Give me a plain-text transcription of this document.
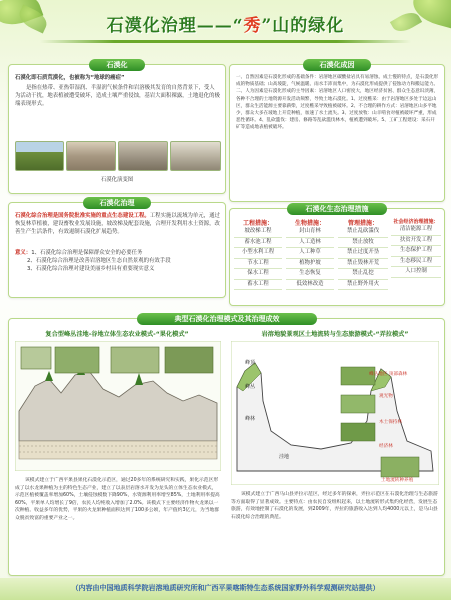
石漠化治理——“秀”山的绿化
石漠化
石漠化即石质荒漠化，也被称为“地球的癌症”
是指在热带、亚热带湿润、半湿润气候条件和岩溶极其发育的自然背景下，受人为活动干扰，地表植被遭受破坏，造成土壤严重侵蚀，基岩大面积裸露，土地退化的极端表现形式。
石漠化演变图
石漠化成因
一、自然因素是石漠化形成的基础条件：岩溶地区碳酸盐岩具有易溶蚀、成土慢的特点，是石漠化形成的物质基础；山高坡陡，气候温暖、雨水丰沛而集中，为石漠化形成提供了侵蚀动力和搬运能力。二、人为因素是石漠化形成的主导因素：岩溶地区人口密度大，地区经济贫困、群众生态意识淡薄，各种不合理的土地资源开发活动频繁，导致土地石漠化。1、过度樵采：由于岩溶地区多处于边远山区，群众生活能源主要靠薪柴，过度樵采导致植被破坏。2、不合理的耕作方式：岩溶地区山多平地少，群众大多在坡地上开荒种植，加速了水土流失。3、过度放牧：山羊啃食对植被破坏严重，形成恶性循环。4、乱砍滥伐：建房、修路等乱砍滥伐林木，植被遭到破坏。5、工矿工程建设：采石开矿等造成地表植被破坏。
石漠化治理
石漠化综合治理是国务院批准实施的重点生态建设工程。工程实施以流域为单元，通过恢复林草植被，建设畜牧业发展设施，坡改梯及配套设施，合理开发利用水土资源，改善生产生活条件，有效遏制石漠化扩展趋势。
意义：1、石漠化综合治理是保障群众安全的必要任务
2、石漠化综合治理是改善岩溶地区生态自然景观的有效手段
3、石漠化综合治理对建设美丽乡村具有重要现实意义
石漠化生态治理措施
工程措施：
坡改梯工程
蓄水池工程
小型水利工程
节水工程
保水工程
蓄水工程
生物措施：
封山育林
人工造林
人工种草
植物护坡
生态恢复
低效林改造
管理措施：
禁止乱砍滥伐
禁止放牧
禁止过度开垦
禁止毁林开荒
禁止乱挖
禁止野外用火
社会经济治理措施：
清洁能源工程
扶贫开发工程
生态保护工程
生态移民工程
人口控制
典型石漠化治理模式及其治理成效
复合型峰丛洼地-谷地立体生态农业模式-“果化模式”
该模式建立于广西平果县果化石漠化示范区，通过20多年的系统研究和实践，果化示范区形成了以水龙果种植为主的特色生态产业，建立了以表层岩溶水开发为龙头的立体生态农业模式，示范区植被覆盖率增加60%，土壤侵蚀模数下降90%，水资源利用率增至85%，土地利用率提高60%，平果单人均增长了9倍，农民人均纯收入增加了2.0%。该模式下主要经济作物火龙果以一次种植、收益多年的优势，平果的火龙果种植面积达到了100多公顷，年产值约3亿元，为当地群众脱贫致富的重要产业之一。
岩溶地貌景观区土地流转与生态旅游模式-“弄拉模式”
峰顶
峰丛
峰林
洼地
峰丛地区 顶部森林
观光物
木土保持林
经济林
土地流转种养殖
该模式建立于广西马山县弄拉示范区，经过多年的探索，弄拉示范区在石漠化治理与生态旅游等方面取得了显著成效。主要特点：由农民自发组织起来，以土地流转形式集约化经营，发展生态旅游，有效地控制了石漠化的发展，到2009年，弄拉的旅游收入达到人均4000元以上，是马山县石漠化综合治理的典范。
（内容由中国地质科学院岩溶地质研究所和广西平果喀斯特生态系统国家野外科学观测研究站提供）
